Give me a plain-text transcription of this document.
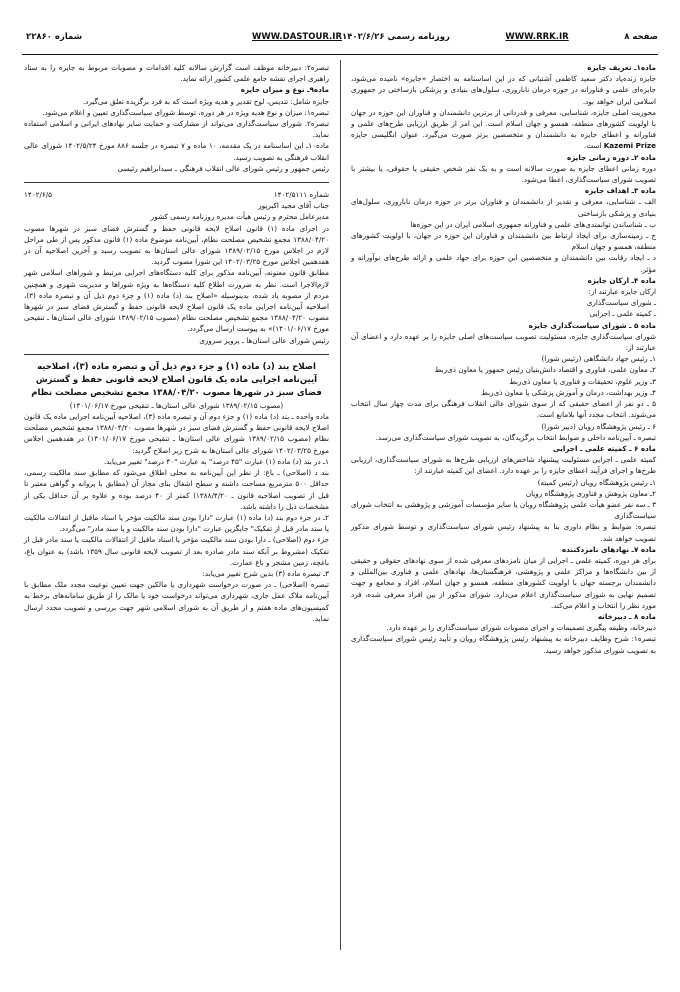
صفحه ۸
WWW.RRK.IR
روزنامه رسمی ۱۴۰۲/۶/۲۶
WWW.DASTOUR.IR
شماره ۲۲۸۶۰

ماده۱ـ تعریف جایزه

جایزه زنده‌یاد دکتر سعید کاظمی آشتیانی که در این اساسنامه به اختصار «جایزه» نامیده می‌شود، جایزه‌ای علمی و فناورانه در حوزه درمان ناباروری، سلول‌های بنیادی و پزشکی بازساختی در جمهوری اسلامی ایران خواهد بود.

محوریت اصلی جایزه، شناسایی، معرفی و قدردانی از برترین دانشمندان و فناوران این حوزه در جهان با اولویت کشورهای منطقه، همسو و جهان اسلام است. این امر از طریق ارزیابی طرح‌های علمی و فناورانه و اعطای جایزه به دانشمندان و متخصصین برتر صورت می‌گیرد. عنوان انگلیسی جایزه Kazemi Prize است.

ماده ۲ـ دوره زمانی جایزه

دوره زمانی اعطای جایزه به صورت سالانه است و به یک نفر شخص حقیقی یا حقوقی، یا بیشتر با تصویب شورای سیاست‌گذاری، اعطا می‌شود.

ماده ۳ـ اهداف جایزه

الف ـ شناسایی، معرفی و تقدیر از دانشمندان و فناوران برتر در حوزه درمان ناباروری، سلول‌های بنیادی و پزشکی بازساختی

ب ـ شناساندن توانمندی‌های علمی و فناورانه جمهوری اسلامی ایران در این حوزه‌ها

ج ـ زمینه‌سازی برای ایجاد ارتباط بین دانشمندان و فناوران این حوزه در جهان، با اولویت کشورهای منطقه، همسو و جهان اسلام

د ـ ایجاد رقابت بین دانشمندان و متخصصین این حوزه برای جهاد علمی و ارائه طرح‌های نوآورانه و مؤثر.

ماده ۴ـ ارکان جایزه

ارکان جایزه عبارتند از:

ـ شورای سیاست‌گذاری

ـ کمیته علمی ـ اجرایی

ماده ۵ ـ شورای سیاست‌گذاری جایزه

شورای سیاست‌گذاری جایزه، مسئولیت تصویب سیاست‌های اصلی جایزه را بر عهده دارد و اعضای آن عبارتند از:

۱ـ رئیس جهاد دانشگاهی (رئیس شورا)

۲ـ معاون علمی، فناوری و اقتصاد دانش‌بنیان رئیس جمهور یا معاون ذی‌ربط

۳ـ وزیر علوم، تحقیقات و فناوری یا معاون ذی‌ربط

۴ـ وزیر بهداشت، درمان و آموزش پزشکی یا معاون ذی‌ربط

۵ ـ دو نفر از اعضای حقیقی که از سوی شورای عالی انقلاب فرهنگی برای مدت چهار سال انتخاب می‌شوند. انتخاب مجدد آنها بلامانع است.

۶ ـ رئیس پژوهشگاه رویان (دبیر شورا)

تبصره ـ آیین‌نامه داخلی و ضوابط انتخاب برگزیدگان، به تصویب شورای سیاست‌گذاری می‌رسد.

ماده ۶ ـ کمیته علمی ـ اجرایی

کمیته علمی ـ اجرایی مسئولیت پیشنهاد شاخص‌های ارزیابی طرح‌ها به شورای سیاست‌گذاری، ارزیابی طرح‌ها و اجرای فرآیند اعطای جایزه را بر عهده دارد. اعضای این کمیته عبارتند از:

۱ـ رئیس پژوهشگاه رویان (رئیس کمیته)

۲ـ معاون پژوهش و فناوری پژوهشگاه رویان

۳ ـ سه نفر عضو هیأت علمی پژوهشگاه رویان یا سایر مؤسسات آموزشی و پژوهشی به انتخاب شورای سیاست‌گذاری

تبصره: ضوابط و نظام داوری بنا به پیشنهاد رئیس شورای سیاست‌گذاری و توسط شورای مذکور تصویب خواهد شد.

ماده ۷ـ نهادهای نامزدکننده

برای هر دوره، کمیته علمی ـ اجرایی از میان نامزدهای معرفی شده از سوی نهادهای حقوقی و حقیقی از بین دانشگاه‌ها و مراکز علمی و پژوهشی، فرهنگستان‌ها، نهادهای علمی و فناوری بین‌المللی و دانشمندان برجسته جهان با اولویت کشورهای منطقه، همسو و جهان اسلام، افراد و مجامع و جهت تصمیم‌ نهایی به شورای سیاست‌گذاری اعلام می‌دارد. شورای مذکور از بین افراد معرفی شده، فرد مورد نظر را انتخاب و اعلام می‌کند.

ماده ۸ ـ دبیرخانه

دبیرخانه، وظیفه پیگیری تصمیمات و اجرای مصوبات شورای سیاست‌گذاری را بر عهده دارد.

تبصره۱: شرح وظایف دبیرخانه به پیشنهاد رئیس پژوهشگاه رویان و تأیید رئیس شورای سیاست‌گذاری به تصویب شورای مذکور خواهد رسید.

تبصره۲: دبیرخانه موظف است گزارش سالانه کلیه اقدامات و مصوبات مربوط به جایزه را به ستاد راهبری اجرای نقشه جامع علمی کشور ارائه نماید.

ماده۹ـ نوع و میزان جایزه

جایزه شامل: تندیس، لوح تقدیر و هدیه ویژه است که به فرد برگزیده تعلق می‌گیرد.

تبصره۱: میزان و نوع هدیه ویژه در هر دوره، توسط شورای سیاست‌گذاری تعیین و اعلام می‌شود.

تبصره۲. شورای سیاست‌گذاری می‌تواند از مشارکت و حمایت سایر نهادهای ایرانی و اسلامی استفاده نماید.

ماده۱۰ـ این اساسنامه در یک مقدمه، ۱۰ ماده و ۷ تبصره در جلسه ۸۸۶ مورخ ۱۴۰۲/۵/۲۴ شورای عالی انقلاب فرهنگی به تصویب رسید.

رئیس جمهور و رئیس شورای عالی انقلاب فرهنگی ـ سیدابراهیم رئیسی

شماره ۱۴۰۲/۵۱۱۱
۱۴۰۲/۶/۵

جناب آقای مجید اکبرپور

مدیرعامل محترم و رئیس هیأت مدیره روزنامه رسمی کشور

در اجرای ماده (۱) قانون اصلاح لایحه قانونی حفظ و گسترش فضای سبز در شهرها مصوب ۱۳۸۸/۰۴/۲۰ مجمع تشخیص مصلحت نظام، آیین‌نامه موضوع ماده (۱) قانون مذکور پس از طی مراحل لازم در اجلاس مورخ ۱۳۸۹/۰۲/۱۵ شورای عالی استان‌ها به تصویب رسید و آخرین اصلاحیه آن در هفدهمین اجلاس مورخ ۱۴۰۲/۰۳/۲۵ این شورا مصوب گردید.

مطابق قانون معنونه، آیین‌نامه مذکور برای کلیه دستگاه‌های اجرایی مرتبط و شوراهای اسلامی شهر لازم‌الاجرا است. نظر به ضرورت اطلاع کلیه دستگاه‌ها به ویژه شوراها و مدیریت شهری و همچنین مردم از مصوبه یاد شده، بدینوسیله «اصلاح بند (د) ماده (۱) و جزء دوم ذیل آن و تبصره ماده (۳)، اصلاحیه آیین‌نامه اجرایی ماده یک قانون اصلاح لایحه قانونی حفظ و گسترش فضای سبز در شهرها مصوب ۱۳۸۸/۰۴/۲۰ مجمع تشخیص مصلحت نظام (مصوب ۱۳۸۹/۰۲/۱۵ شورای عالی استان‌ها ـ تنقیحی مورخ ۱۴۰۱/۰۶/۱۷)» به پیوست ارسال می‌گردد.

رئیس شورای عالی استان‌ها ـ پرویز سروری

اصلاح بند (د) ماده (۱) و جزء دوم ذیل آن و تبصره ماده (۳)، اصلاحیه آیین‌نامه اجرایی ماده یک قانون اصلاح لایحه قانونی حفظ و گسترش فضای سبز در شهرها مصوب ۱۳۸۸/۰۴/۲۰ مجمع تشخیص مصلحت نظام

(مصوب ۱۳۸۹/۰۲/۱۵ شورای عالی استان‌ها ـ تنقیحی مورخ ۱۴۰۱/۰۶/۱۷)

ماده واحده ـ بند (د) ماده (۱) و جزء دوم آن و تبصره ماده (۳)، اصلاحیه آیین‌نامه اجرایی ماده یک قانون اصلاح لایحه قانونی حفظ و گسترش فضای سبز در شهرها مصوب ۱۳۸۸/۰۴/۲۰ مجمع تشخیص مصلحت نظام (مصوب ۱۳۸۹/۰۲/۱۵ شورای عالی استان‌ها ـ تنقیحی مورخ ۱۴۰۱/۰۶/۱۷) در هفدهمین اجلاس مورخ ۱۴۰۲/۰۳/۲۵ شورای عالی استان‌ها به شرح زیر اصلاح گردید:

۱ـ در بند (د) ماده (۱) عبارت "۴۵ درصد" به عبارت "۴۰ درصد" تغییر می‌یابد.

بند د (اصلاحی) ـ باغ: از نظر این آیین‌نامه به محلی اطلاق می‌شود که مطابق سند مالکیت رسمی، حداقل ۵۰۰ مترمربع مساحت داشته و سطح اشغال بنای مجاز آن (مطابق با پروانه و گواهی معتبر تا قبل از تصویب اصلاحیه قانون ـ ۱۳۸۸/۴/۲۰) کمتر از ۴۰ درصد بوده و علاوه بر آن حداقل یکی از مشخصات ذیل را داشته باشد.

۲ـ در جزء دوم بند (د) ماده (۱) عبارت "دارا بودن سند مالکیت مؤخر یا اسناد ماقبل از انتقالات مالکیت یا سند مادر قبل از تفکیک" جایگزین عبارت "دارا بودن سند مالکیت و یا سند مادر" می‌گردد.

جزء دوم (اصلاحی) ـ دارا بودن سند مالکیت مؤخر یا اسناد ماقبل از انتقالات مالکیت یا سند مادر قبل از تفکیک (مشروط بر آنکه سند مادر صادره بعد از تصویب لایحه قانونی سال ۱۳۵۹ باشد) به عنوان باغ، باغچه، زمین مشجر و باغ عمارت.

۳ـ تبصره ماده (۳) بدین شرح تغییر می‌یابد:

تبصره (اصلاحی) ـ در صورت درخواست شهرداری یا مالکین جهت تعیین نوعیت مجدد ملک مطابق با آیین‌نامه ملاک عمل جاری، شهرداری می‌تواند درخواست خود یا مالک را از طریق سامانه‌های برخط به کمیسیون‌های ماده هفتم و از طریق آن به شورای اسلامی شهر جهت بررسی و تصویب مجدد ارسال نماید.
